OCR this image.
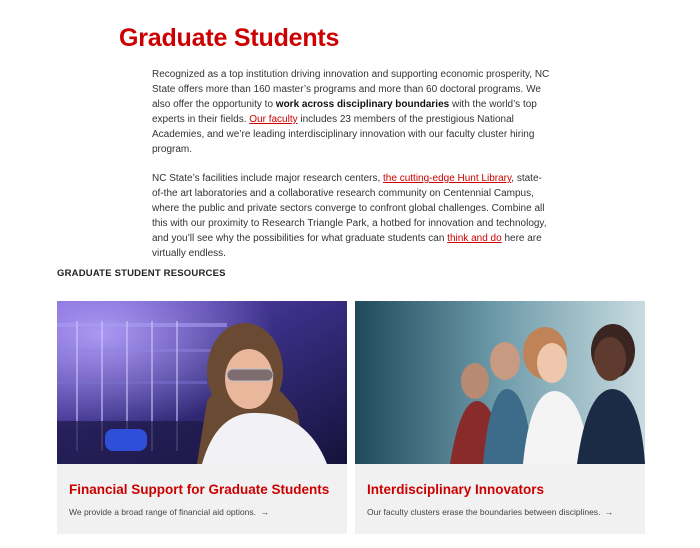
Graduate Students

Recognized as a top institution driving innovation and supporting economic prosperity, NC State offers more than 160 master’s programs and more than 60 doctoral programs. We also offer the opportunity to work across disciplinary boundaries with the world’s top experts in their fields. Our faculty includes 23 members of the prestigious National Academies, and we’re leading interdisciplinary innovation with our faculty cluster hiring program.

NC State’s facilities include major research centers, the cutting-edge Hunt Library, state-of-the art laboratories and a collaborative research community on Centennial Campus, where the public and private sectors converge to confront global challenges. Combine all this with our proximity to Research Triangle Park, a hotbed for innovation and technology, and you’ll see why the possibilities for what graduate students can think and do here are virtually endless.

GRADUATE STUDENT RESOURCES
Financial Support for Graduate Students
We provide a broad range of financial aid options. →
Interdisciplinary Innovators
Our faculty clusters erase the boundaries between disciplines. →
